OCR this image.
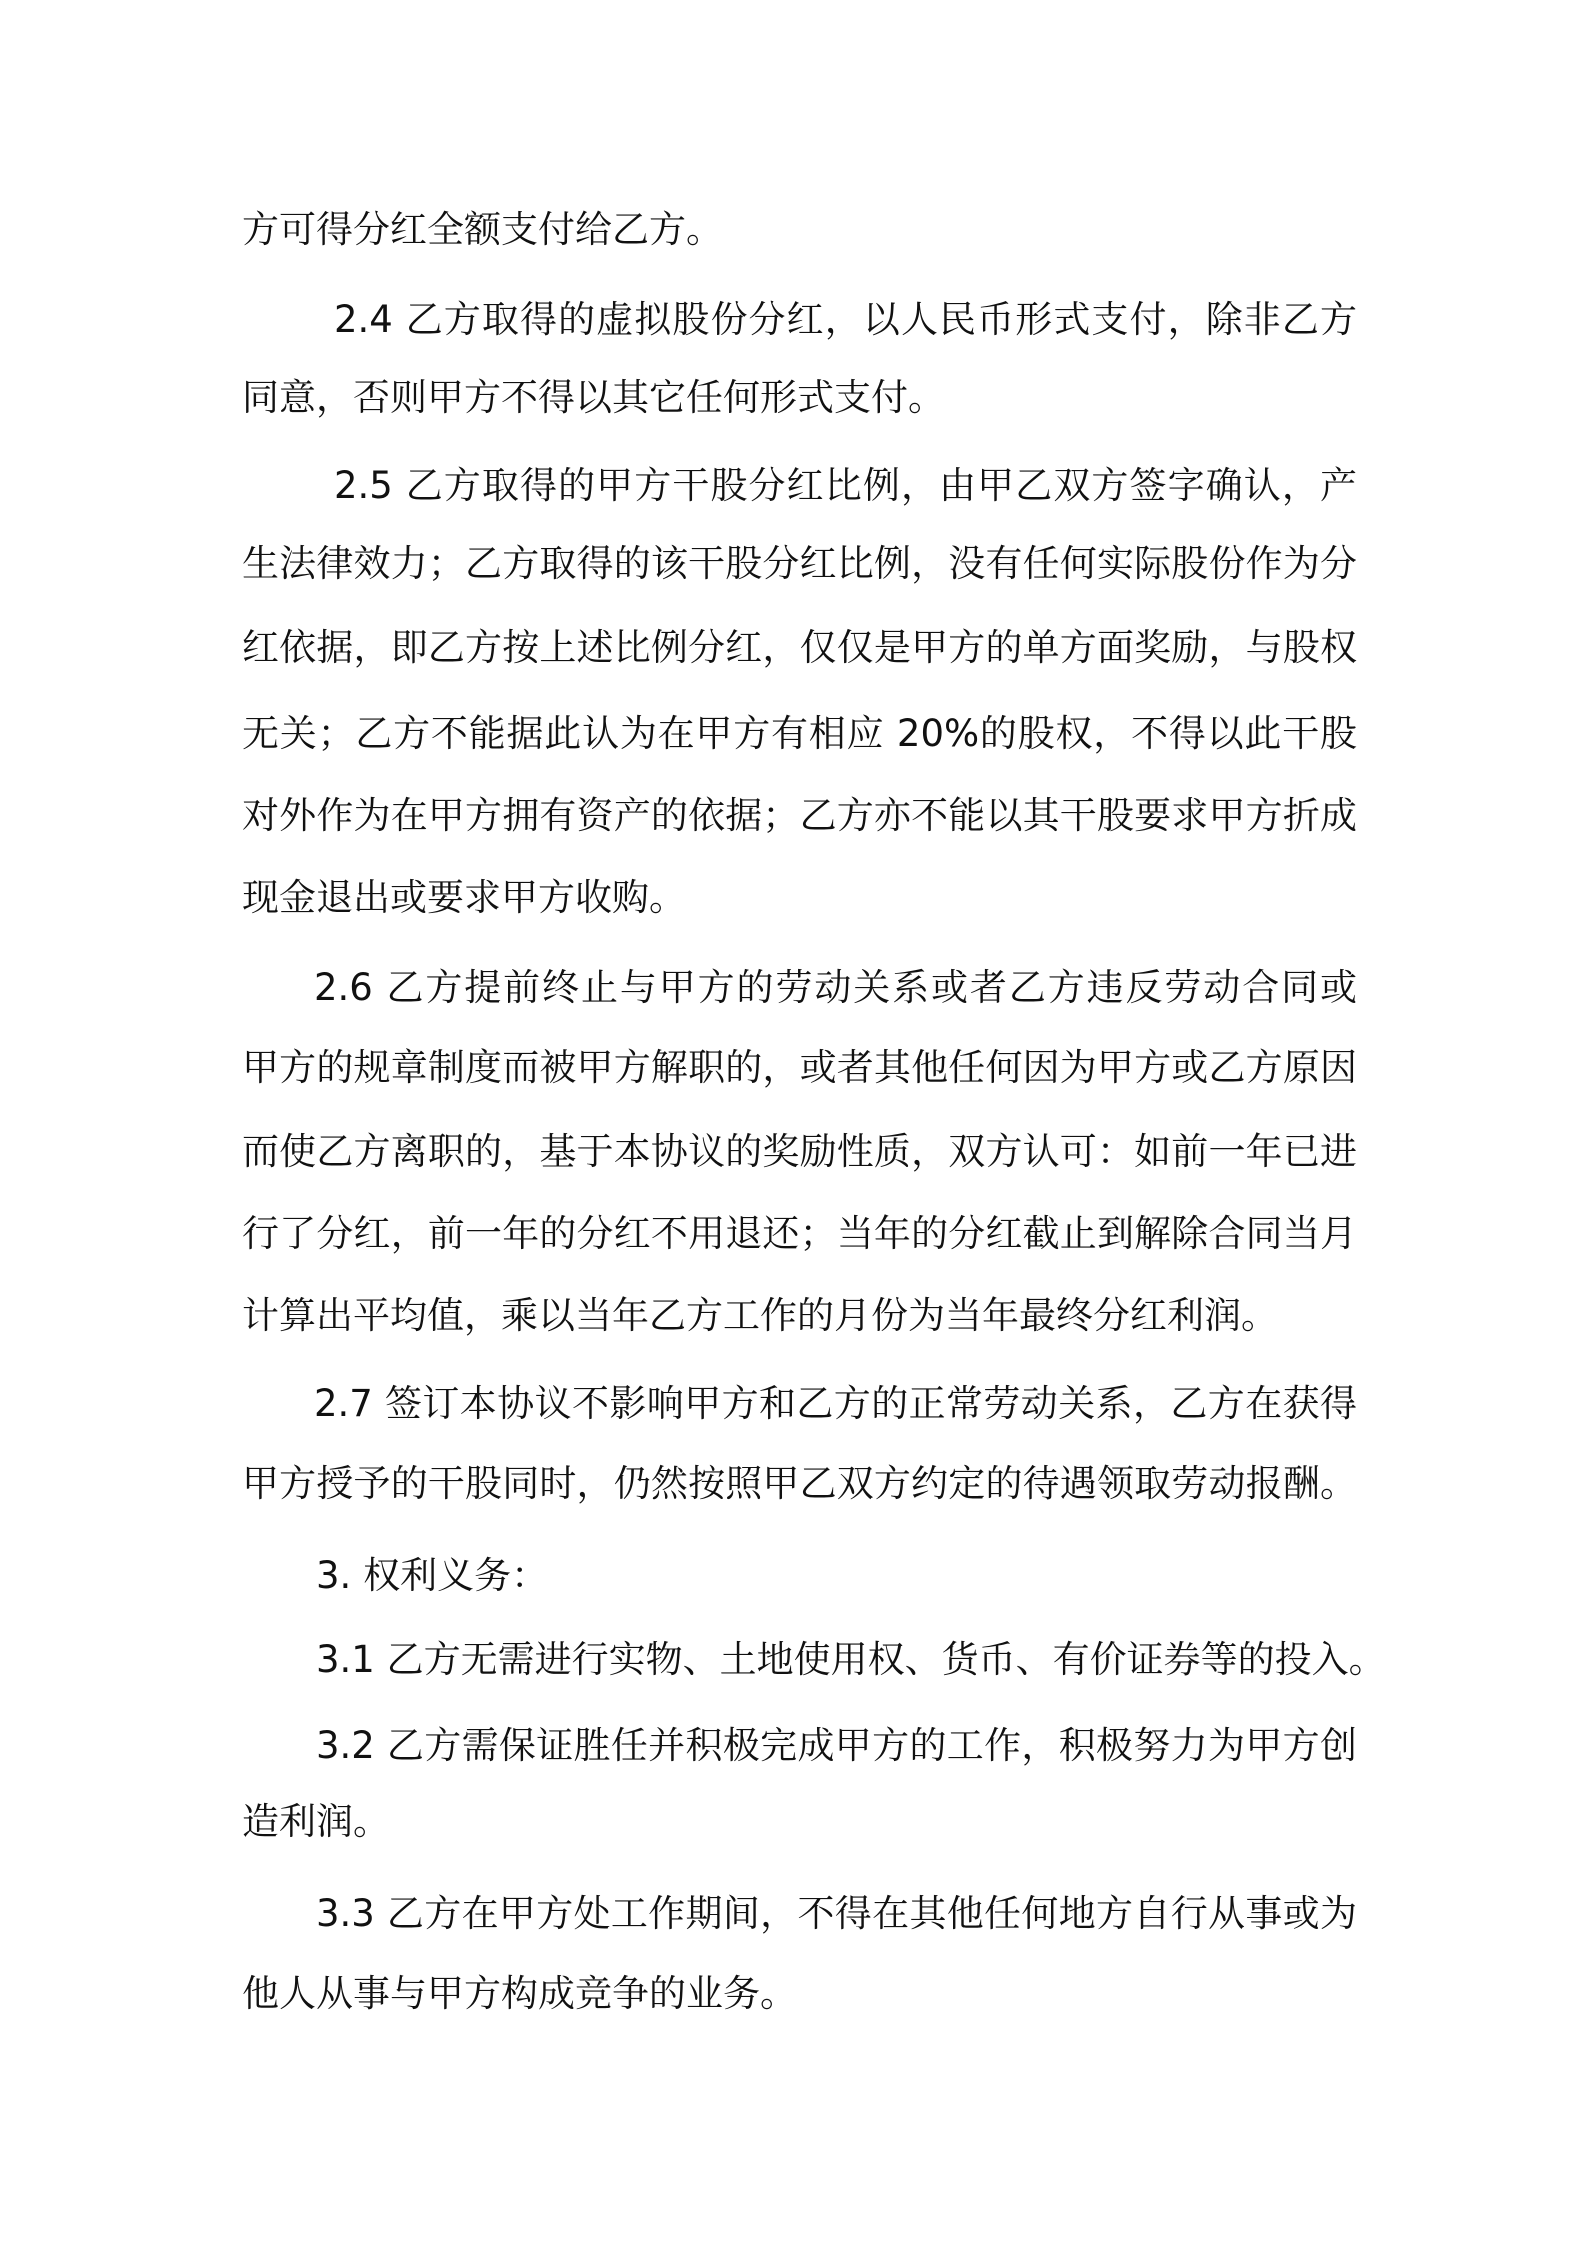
方可得分红全额支付给乙方。
2.4 乙方取得的虚拟股份分红，以人民币形式支付，除非乙方
同意，否则甲方不得以其它任何形式支付。
2.5 乙方取得的甲方干股分红比例，由甲乙双方签字确认，产
生法律效力；乙方取得的该干股分红比例，没有任何实际股份作为分
红依据，即乙方按上述比例分红，仅仅是甲方的单方面奖励，与股权
无关；乙方不能据此认为在甲方有相应 20%的股权，不得以此干股
对外作为在甲方拥有资产的依据；乙方亦不能以其干股要求甲方折成
现金退出或要求甲方收购。
2.6 乙方提前终止与甲方的劳动关系或者乙方违反劳动合同或
甲方的规章制度而被甲方解职的，或者其他任何因为甲方或乙方原因
而使乙方离职的，基于本协议的奖励性质，双方认可：如前一年已进
行了分红，前一年的分红不用退还；当年的分红截止到解除合同当月
计算出平均值，乘以当年乙方工作的月份为当年最终分红利润。
2.7 签订本协议不影响甲方和乙方的正常劳动关系，乙方在获得
甲方授予的干股同时，仍然按照甲乙双方约定的待遇领取劳动报酬。
3. 权利义务：
3.1 乙方无需进行实物、土地使用权、货币、有价证券等的投入。
3.2 乙方需保证胜任并积极完成甲方的工作，积极努力为甲方创
造利润。
3.3 乙方在甲方处工作期间，不得在其他任何地方自行从事或为
他人从事与甲方构成竞争的业务。
